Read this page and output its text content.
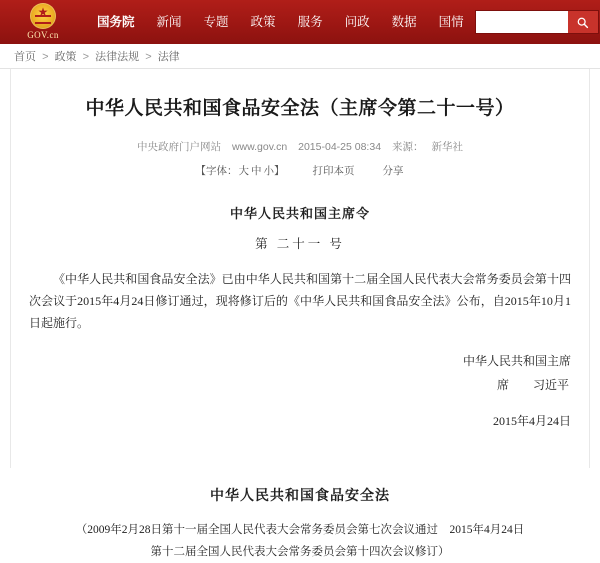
★
GOV.cn
国务院	新闻	专题	政策	服务	问政	数据	国情
首页 > 政策 > 法律法规 > 法律
中华人民共和国食品安全法（主席令第二十一号）
中央政府门户网站 www.gov.cn 2015-04-25 08:34 来源： 新华社
【字体：大 中 小】	打印本页	分享
中华人民共和国主席令
第 二十一 号

《中华人民共和国食品安全法》已由中华人民共和国第十二届全国人民代表大会常务委员会第十四次会议于2015年4月24日修订通过，现将修订后的《中华人民共和国食品安全法》公布，自2015年10月1日起施行。

中华人民共和国主席
席　　习近平
2015年4月24日
中华人民共和国食品安全法
（2009年2月28日第十一届全国人民代表大会常务委员会第七次会议通过　2015年4月24日
第十二届全国人民代表大会常务委员会第十四次会议修订）
